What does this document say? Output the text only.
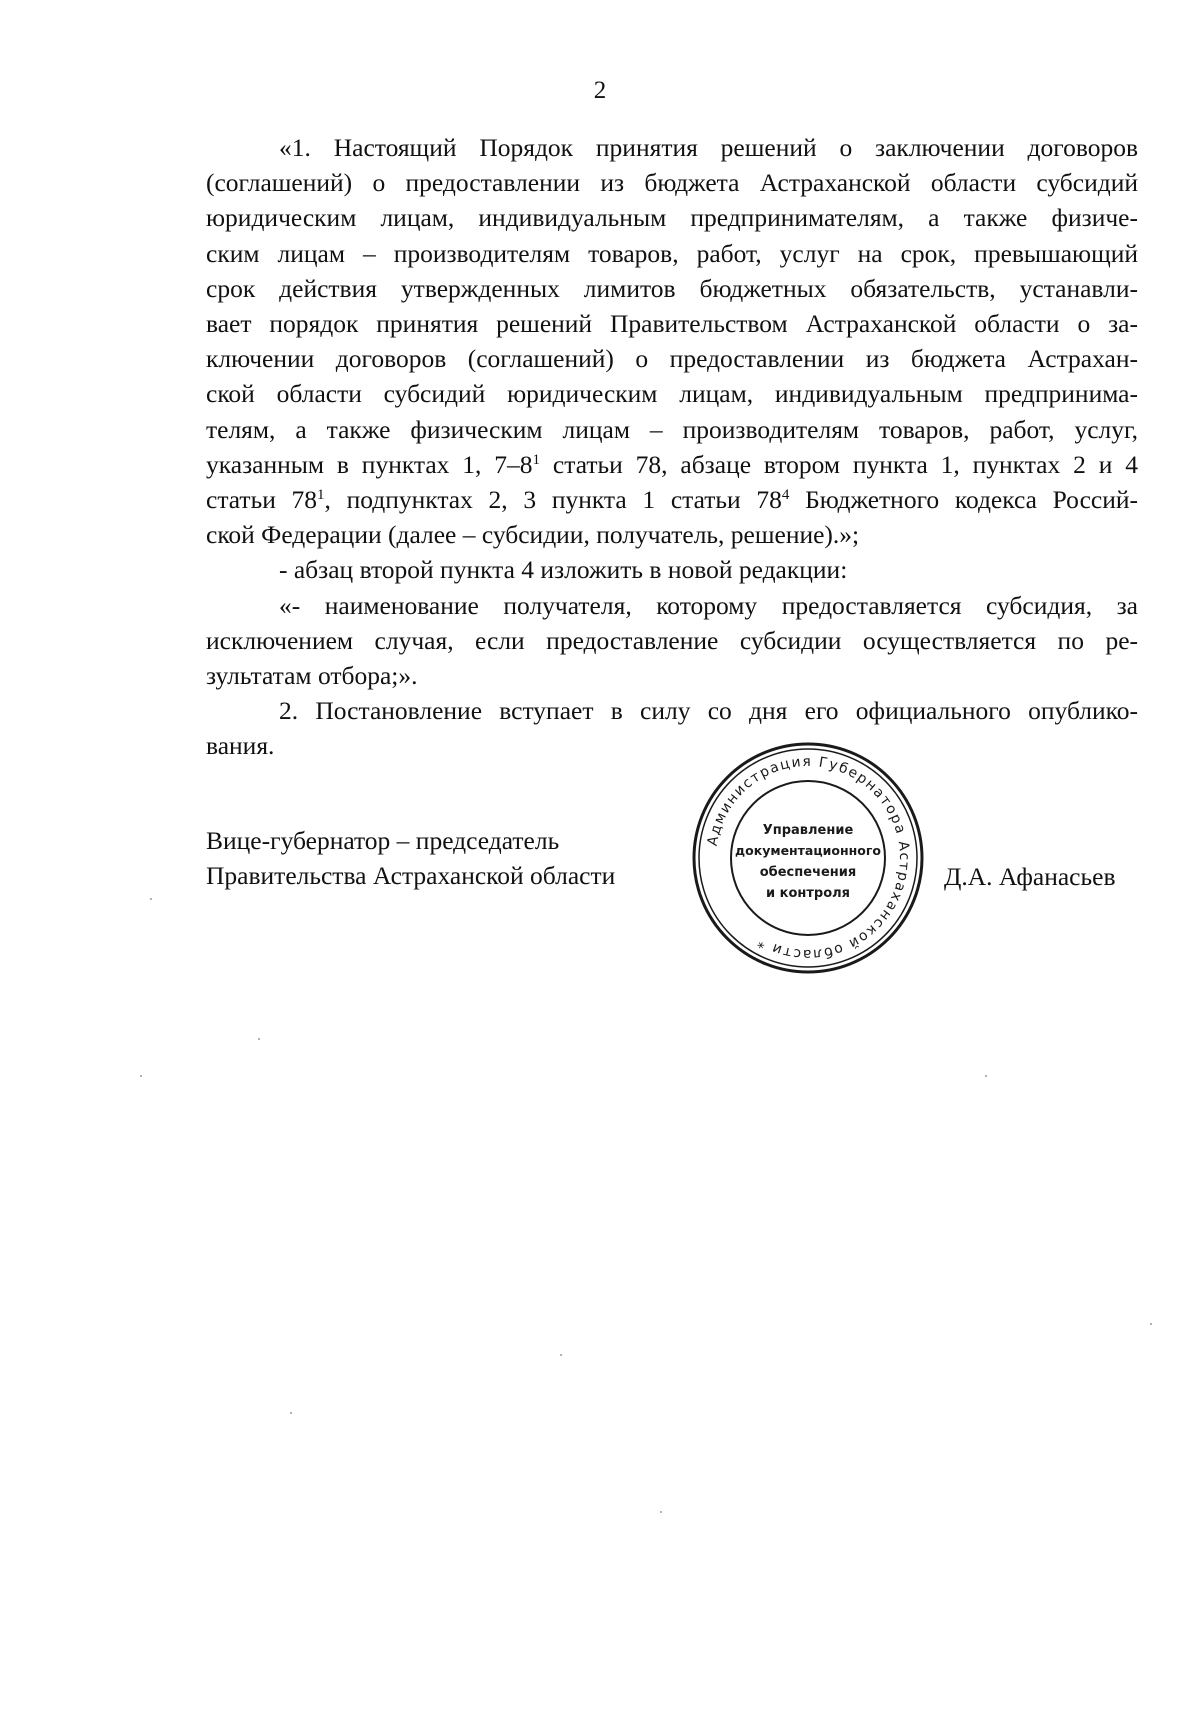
2

«1. Настоящий Порядок принятия решений о заключении договоров
(соглашений) о предоставлении из бюджета Астраханской области субсидий
юридическим лицам, индивидуальным предпринимателям, а также физиче-
ским лицам – производителям товаров, работ, услуг на срок, превышающий
срок действия утвержденных лимитов бюджетных обязательств, устанавли-
вает порядок принятия решений Правительством Астраханской области о за-
ключении договоров (соглашений) о предоставлении из бюджета Астрахан-
ской области субсидий юридическим лицам, индивидуальным предпринима-
телям, а также физическим лицам – производителям товаров, работ, услуг,
указанным в пунктах 1, $7-8^1$ статьи 78, абзаце втором пункта 1, пунктах 2 и 4
статьи $78^1$, подпунктах 2, 3 пункта 1 статьи $78^4$ Бюджетного кодекса Россий-
ской Федерации (далее – субсидии, получатель, решение).»;
- абзац второй пункта 4 изложить в новой редакции:
«- наименование получателя, которому предоставляется субсидия, за
исключением случая, если предоставление субсидии осуществляется по ре-
зультатам отбора;».
2. Постановление вступает в силу со дня его официального опублико-
вания.
Вице-губернатор – председатель
Правительства Астраханской области
Администрация Губернатора Астраханской области *
Управление
документационного
обеспечения
и контроля
Д.А. Афанасьев
